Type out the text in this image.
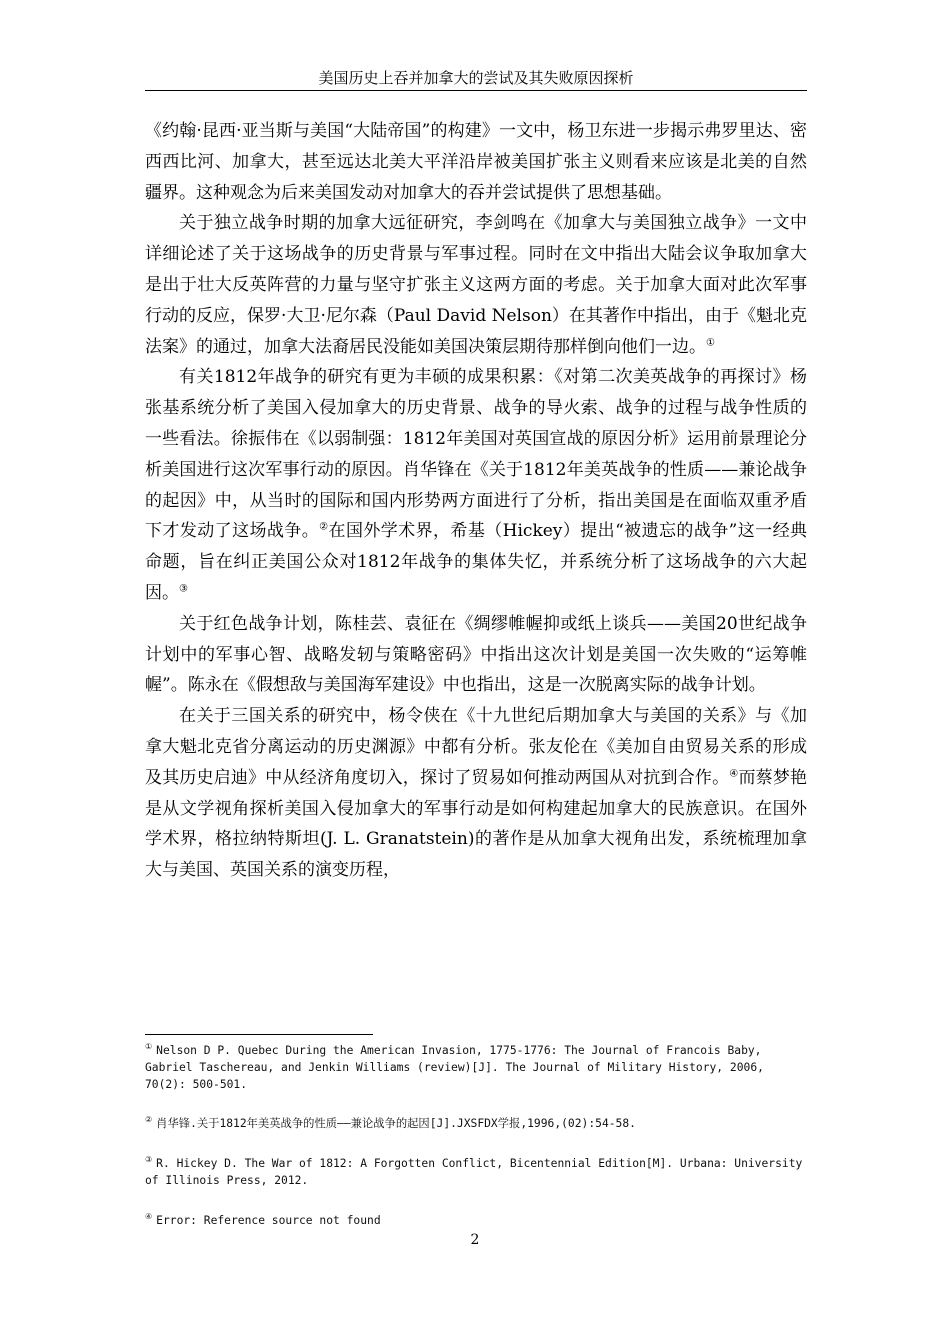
美国历史上吞并加拿大的尝试及其失败原因探析

《约翰·昆西·亚当斯与美国“大陆帝国”的构建》一文中，杨卫东进一步揭示弗罗里达、密西西比河、加拿大，甚至远达北美大平洋沿岸被美国扩张主义则看来应该是北美的自然疆界。这种观念为后来美国发动对加拿大的吞并尝试提供了思想基础。

关于独立战争时期的加拿大远征研究，李剑鸣在《加拿大与美国独立战争》一文中详细论述了关于这场战争的历史背景与军事过程。同时在文中指出大陆会议争取加拿大是出于壮大反英阵营的力量与坚守扩张主义这两方面的考虑。关于加拿大面对此次军事行动的反应，保罗·大卫·尼尔森（Paul David Nelson）在其著作中指出，由于《魁北克法案》的通过，加拿大法裔居民没能如美国决策层期待那样倒向他们一边。①

有关1812年战争的研究有更为丰硕的成果积累：《对第二次美英战争的再探讨》杨张基系统分析了美国入侵加拿大的历史背景、战争的导火索、战争的过程与战争性质的一些看法。徐振伟在《以弱制强：1812年美国对英国宣战的原因分析》运用前景理论分析美国进行这次军事行动的原因。肖华锋在《关于1812年美英战争的性质——兼论战争的起因》中，从当时的国际和国内形势两方面进行了分析，指出美国是在面临双重矛盾下才发动了这场战争。②在国外学术界，希基（Hickey）提出“被遗忘的战争”这一经典命题，旨在纠正美国公众对1812年战争的集体失忆，并系统分析了这场战争的六大起因。③

关于红色战争计划，陈桂芸、袁征在《绸缪帷幄抑或纸上谈兵——美国20世纪战争计划中的军事心智、战略发轫与策略密码》中指出这次计划是美国一次失败的“运筹帷幄”。陈永在《假想敌与美国海军建设》中也指出，这是一次脱离实际的战争计划。

在关于三国关系的研究中，杨令侠在《十九世纪后期加拿大与美国的关系》与《加拿大魁北克省分离运动的历史渊源》中都有分析。张友伦在《美加自由贸易关系的形成及其历史启迪》中从经济角度切入，探讨了贸易如何推动两国从对抗到合作。④而蔡梦艳是从文学视角探析美国入侵加拿大的军事行动是如何构建起加拿大的民族意识。在国外学术界，格拉纳特斯坦(J. L. Granatstein)的著作是从加拿大视角出发，系统梳理加拿大与美国、英国关系的演变历程，

① Nelson D P. Quebec During the American Invasion, 1775-1776: The Journal of Francois Baby, Gabriel Taschereau, and Jenkin Williams (review)[J]. The Journal of Military History, 2006, 70(2): 500-501.

② 肖华锋.关于1812年美英战争的性质——兼论战争的起因[J].JXSFDX学报,1996,(02):54-58.

③ R. Hickey D. The War of 1812: A Forgotten Conflict, Bicentennial Edition[M]. Urbana: University of Illinois Press, 2012.

④ Error: Reference source not found

2
